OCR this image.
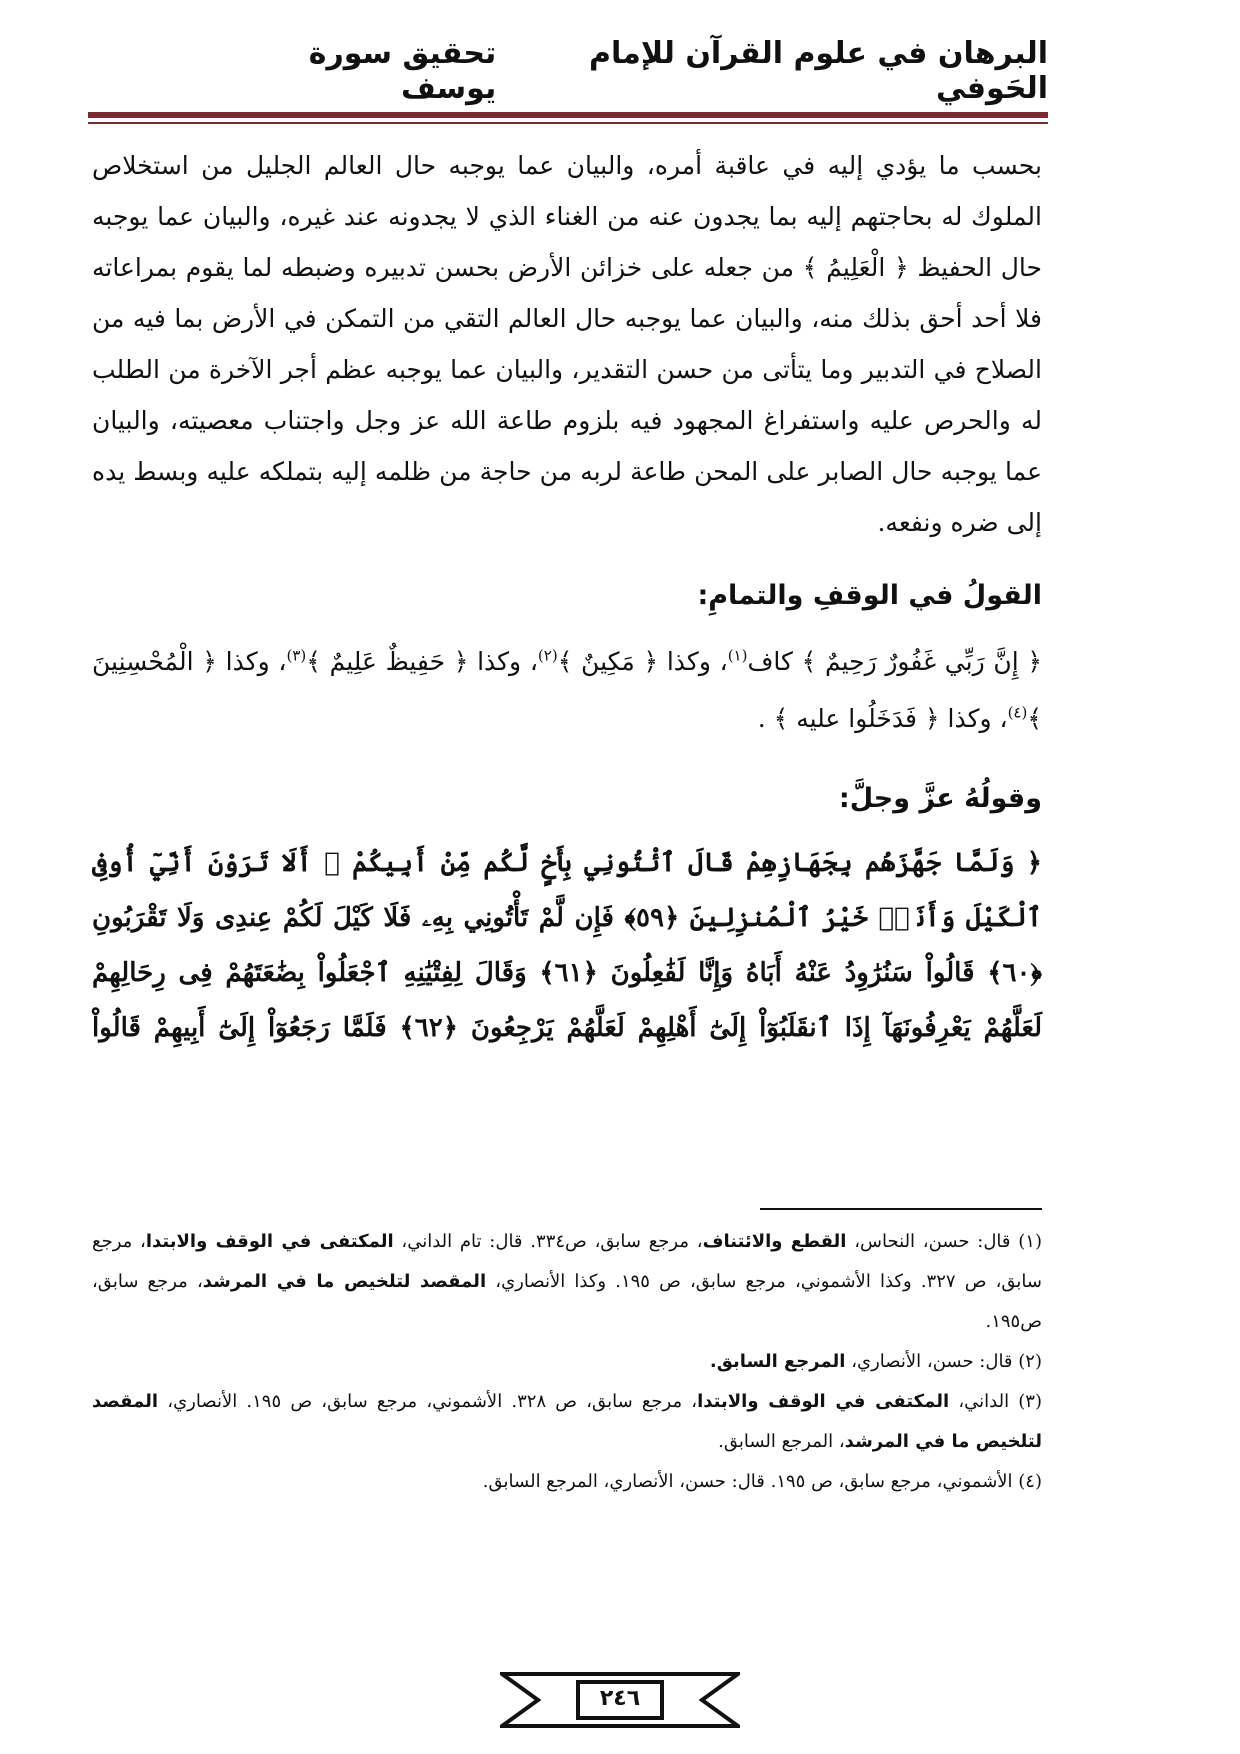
البرهان في علوم القرآن للإمام الحَوفي
تحقيق سورة يوسف

بحسب ما يؤدي إليه في عاقبة أمره، والبيان عما يوجبه حال العالم الجليل من استخلاص الملوك له بحاجتهم إليه بما يجدون عنه من الغناء الذي لا يجدونه عند غيره، والبيان عما يوجبه حال الحفيظ ﴿ الْعَلِيمُ ﴾ من جعله على خزائن الأرض بحسن تدبيره وضبطه لما يقوم بمراعاته فلا أحد أحق بذلك منه، والبيان عما يوجبه حال العالم التقي من التمكن في الأرض بما فيه من الصلاح في التدبير وما يتأتى من حسن التقدير، والبيان عما يوجبه عظم أجر الآخرة من الطلب له والحرص عليه واستفراغ المجهود فيه بلزوم طاعة الله عز وجل واجتناب معصيته، والبيان عما يوجبه حال الصابر على المحن طاعة لربه من حاجة من ظلمه إليه بتملكه عليه وبسط يده إلى ضره ونفعه.

القولُ في الوقفِ والتمامِ:

﴿ إِنَّ رَبِّي غَفُورٌ رَحِيمٌ ﴾ كاف$^{(١)}$، وكذا ﴿ مَكِينٌ ﴾$^{(٢)}$، وكذا ﴿ حَفِيظٌ عَلِيمٌ ﴾$^{(٣)}$، وكذا ﴿ الْمُحْسِنِينَ ﴾$^{(٤)}$، وكذا ﴿ فَدَخَلُوا عليه ﴾ .

وقولُهُ عزَّ وجلَّ:

﴿ وَلَمَّا جَهَّزَهُم بِجَهَازِهِمْ قَالَ ٱئْتُونِي بِأَخٍ لَّكُم مِّنْ أَبِيكُمْ ۚ أَلَا تَرَوْنَ أَنِّيٓ أُوفِى ٱلْكَيْلَ وَأَنَا۠ خَيْرُ ٱلْمُنزِلِينَ ﴿٥٩﴾ فَإِن لَّمْ تَأْتُونِي بِهِۦ فَلَا كَيْلَ لَكُمْ عِندِى وَلَا تَقْرَبُونِ ﴿٦٠﴾ قَالُواْ سَنُرَٰوِدُ عَنْهُ أَبَاهُ وَإِنَّا لَفَٰعِلُونَ ﴿٦١﴾ وَقَالَ لِفِتْيَٰنِهِ ٱجْعَلُواْ بِضَٰعَتَهُمْ فِى رِحَالِهِمْ لَعَلَّهُمْ يَعْرِفُونَهَآ إِذَا ٱنقَلَبُوٓاْ إِلَىٰٓ أَهْلِهِمْ لَعَلَّهُمْ يَرْجِعُونَ ﴿٦٢﴾ فَلَمَّا رَجَعُوٓاْ إِلَىٰٓ أَبِيهِمْ قَالُواْ

(١) قال: حسن، النحاس، القطع والائتناف، مرجع سابق، ص٣٣٤. قال: تام الداني، المكتفى في الوقف والابتدا، مرجع سابق، ص ٣٢٧. وكذا الأشموني، مرجع سابق، ص ١٩٥. وكذا الأنصاري، المقصد لتلخيص ما في المرشد، مرجع سابق، ص١٩٥.

(٢) قال: حسن، الأنصاري، المرجع السابق.

(٣) الداني، المكتفى في الوقف والابتدا، مرجع سابق، ص ٣٢٨. الأشموني، مرجع سابق، ص ١٩٥. الأنصاري، المقصد لتلخيص ما في المرشد، المرجع السابق.

(٤) الأشموني، مرجع سابق، ص ١٩٥. قال: حسن، الأنصاري، المرجع السابق.

٢٤٦
